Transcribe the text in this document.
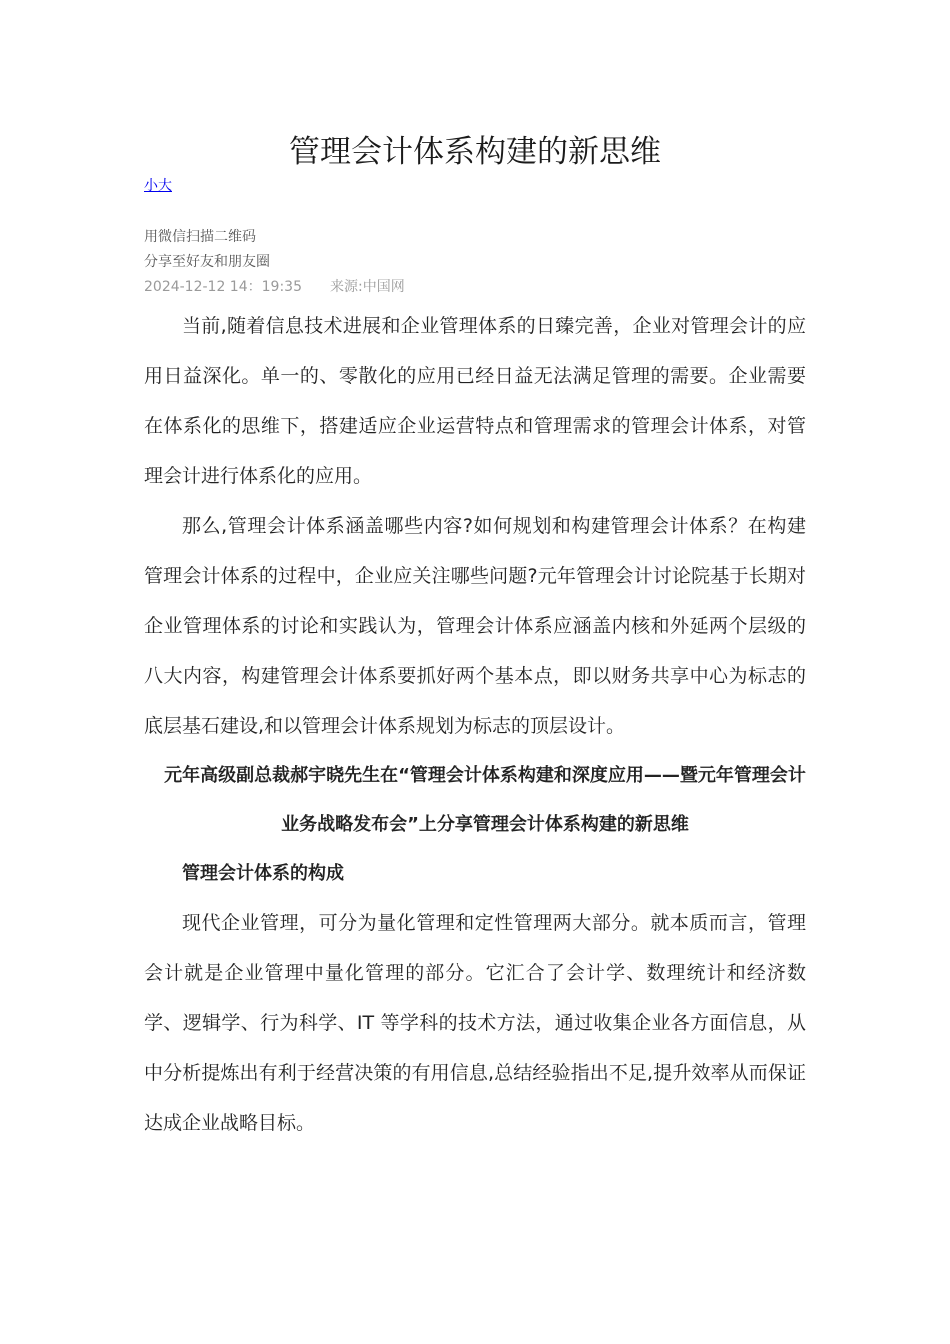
管理会计体系构建的新思维
小大
用微信扫描二维码
分享至好友和朋友圈
2024-12-12 14：19:35 来源:中国网

当前,随着信息技术进展和企业管理体系的日臻完善，企业对管理会计的应用日益深化。单一的、零散化的应用已经日益无法满足管理的需要。企业需要在体系化的思维下，搭建适应企业运营特点和管理需求的管理会计体系，对管理会计进行体系化的应用。

那么,管理会计体系涵盖哪些内容?如何规划和构建管理会计体系？在构建管理会计体系的过程中，企业应关注哪些问题?元年管理会计讨论院基于长期对企业管理体系的讨论和实践认为，管理会计体系应涵盖内核和外延两个层级的八大内容，构建管理会计体系要抓好两个基本点，即以财务共享中心为标志的底层基石建设,和以管理会计体系规划为标志的顶层设计。

元年高级副总裁郝宇晓先生在“管理会计体系构建和深度应用——暨元年管理会计业务战略发布会”上分享管理会计体系构建的新思维

管理会计体系的构成

现代企业管理，可分为量化管理和定性管理两大部分。就本质而言，管理会计就是企业管理中量化管理的部分。它汇合了会计学、数理统计和经济数学、逻辑学、行为科学、IT 等学科的技术方法，通过收集企业各方面信息，从中分析提炼出有利于经营决策的有用信息,总结经验指出不足,提升效率从而保证达成企业战略目标。
